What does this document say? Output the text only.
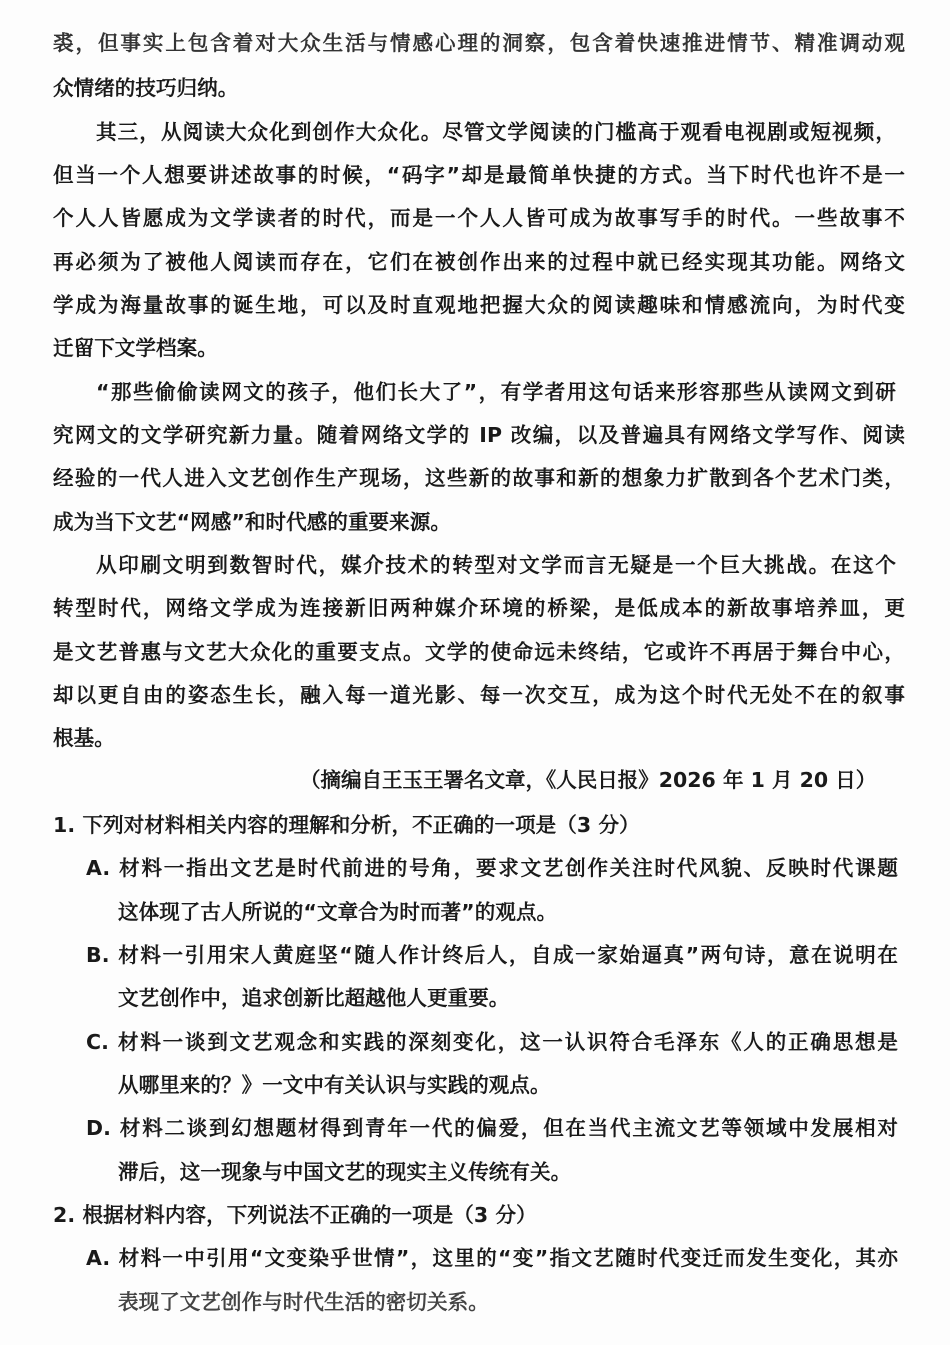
裘，但事实上包含着对大众生活与情感心理的洞察，包含着快速推进情节、精准调动观
众情绪的技巧归纳。
其三，从阅读大众化到创作大众化。尽管文学阅读的门槛高于观看电视剧或短视频，
但当一个人想要讲述故事的时候，“码字”却是最简单快捷的方式。当下时代也许不是一
个人人皆愿成为文学读者的时代，而是一个人人皆可成为故事写手的时代。一些故事不
再必须为了被他人阅读而存在，它们在被创作出来的过程中就已经实现其功能。网络文
学成为海量故事的诞生地，可以及时直观地把握大众的阅读趣味和情感流向，为时代变
迁留下文学档案。
“那些偷偷读网文的孩子，他们长大了”，有学者用这句话来形容那些从读网文到研
究网文的文学研究新力量。随着网络文学的 IP 改编，以及普遍具有网络文学写作、阅读
经验的一代人进入文艺创作生产现场，这些新的故事和新的想象力扩散到各个艺术门类，
成为当下文艺“网感”和时代感的重要来源。
从印刷文明到数智时代，媒介技术的转型对文学而言无疑是一个巨大挑战。在这个
转型时代，网络文学成为连接新旧两种媒介环境的桥梁，是低成本的新故事培养皿，更
是文艺普惠与文艺大众化的重要支点。文学的使命远未终结，它或许不再居于舞台中心，
却以更自由的姿态生长，融入每一道光影、每一次交互，成为这个时代无处不在的叙事
根基。
（摘编自王玉王署名文章，《人民日报》2026 年 1 月 20 日）
1. 下列对材料相关内容的理解和分析，不正确的一项是（3 分）
A. 材料一指出文艺是时代前进的号角，要求文艺创作关注时代风貌、反映时代课题
这体现了古人所说的“文章合为时而著”的观点。
B. 材料一引用宋人黄庭坚“随人作计终后人，自成一家始逼真”两句诗，意在说明在
文艺创作中，追求创新比超越他人更重要。
C. 材料一谈到文艺观念和实践的深刻变化，这一认识符合毛泽东《人的正确思想是
从哪里来的？》一文中有关认识与实践的观点。
D. 材料二谈到幻想题材得到青年一代的偏爱，但在当代主流文艺等领域中发展相对
滞后，这一现象与中国文艺的现实主义传统有关。
2. 根据材料内容，下列说法不正确的一项是（3 分）
A. 材料一中引用“文变染乎世情”，这里的“变”指文艺随时代变迁而发生变化，其亦
表现了文艺创作与时代生活的密切关系。
